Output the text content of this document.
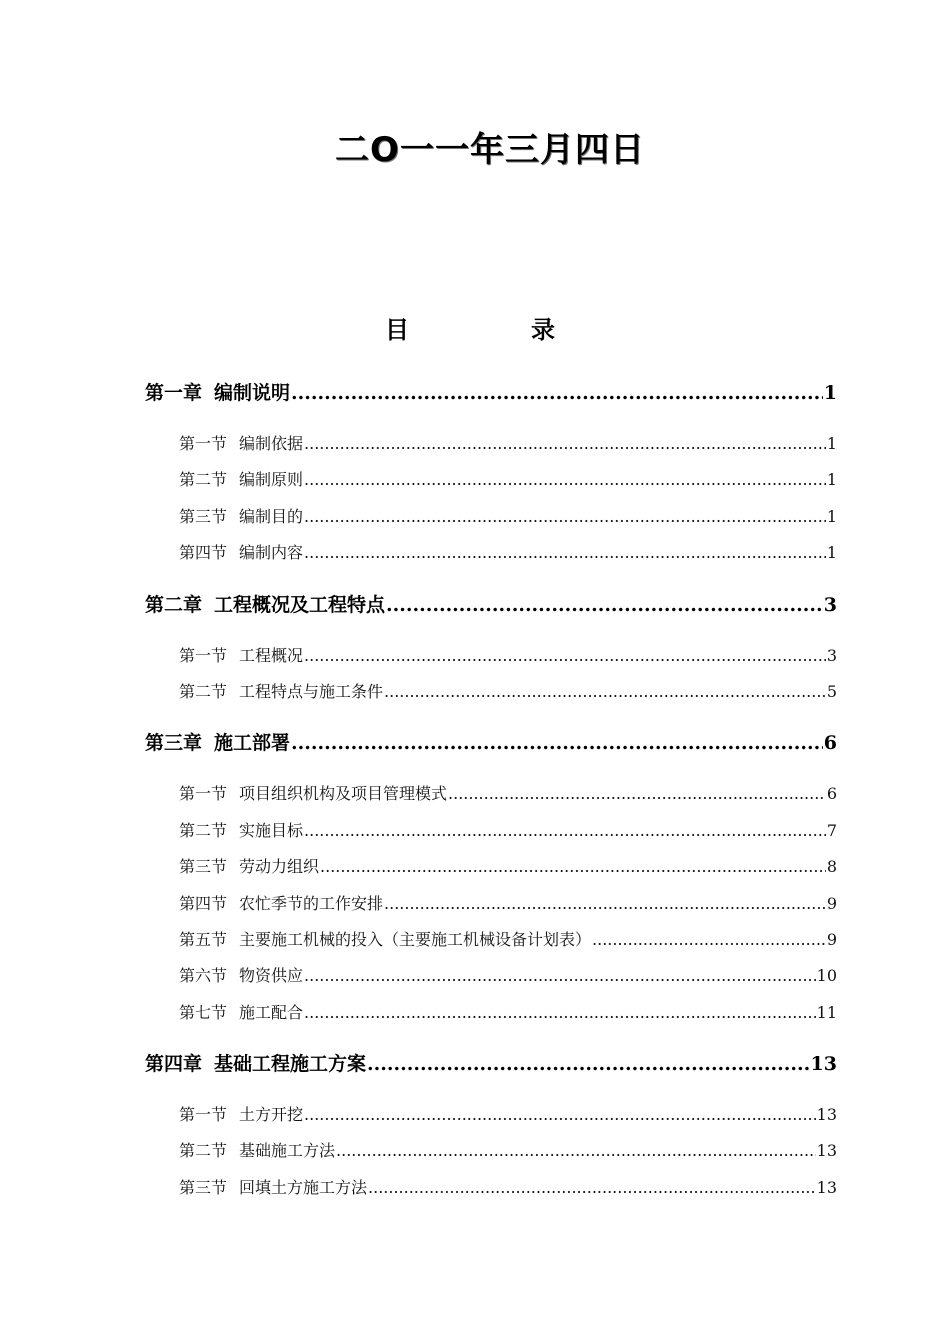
二O一一年三月四日
目	录
第一章 编制说明 .....	1
第一节 编制依据 .....	1
第二节 编制原则 .....	1
第三节 编制目的 .....	1
第四节 编制内容 .....	1
第二章 工程概况及工程特点 .....	3
第一节 工程概况 .....	3
第二节 工程特点与施工条件 .....	5
第三章 施工部署 .....	6
第一节 项目组织机构及项目管理模式 .....	6
第二节 实施目标 .....	7
第三节 劳动力组织 .....	8
第四节 农忙季节的工作安排 .....	9
第五节 主要施工机械的投入（主要施工机械设备计划表） .....	9
第六节 物资供应 .....	10
第七节 施工配合 .....	11
第四章 基础工程施工方案 .....	13
第一节 土方开挖 .....	13
第二节 基础施工方法 .....	13
第三节 回填土方施工方法 .....	13
